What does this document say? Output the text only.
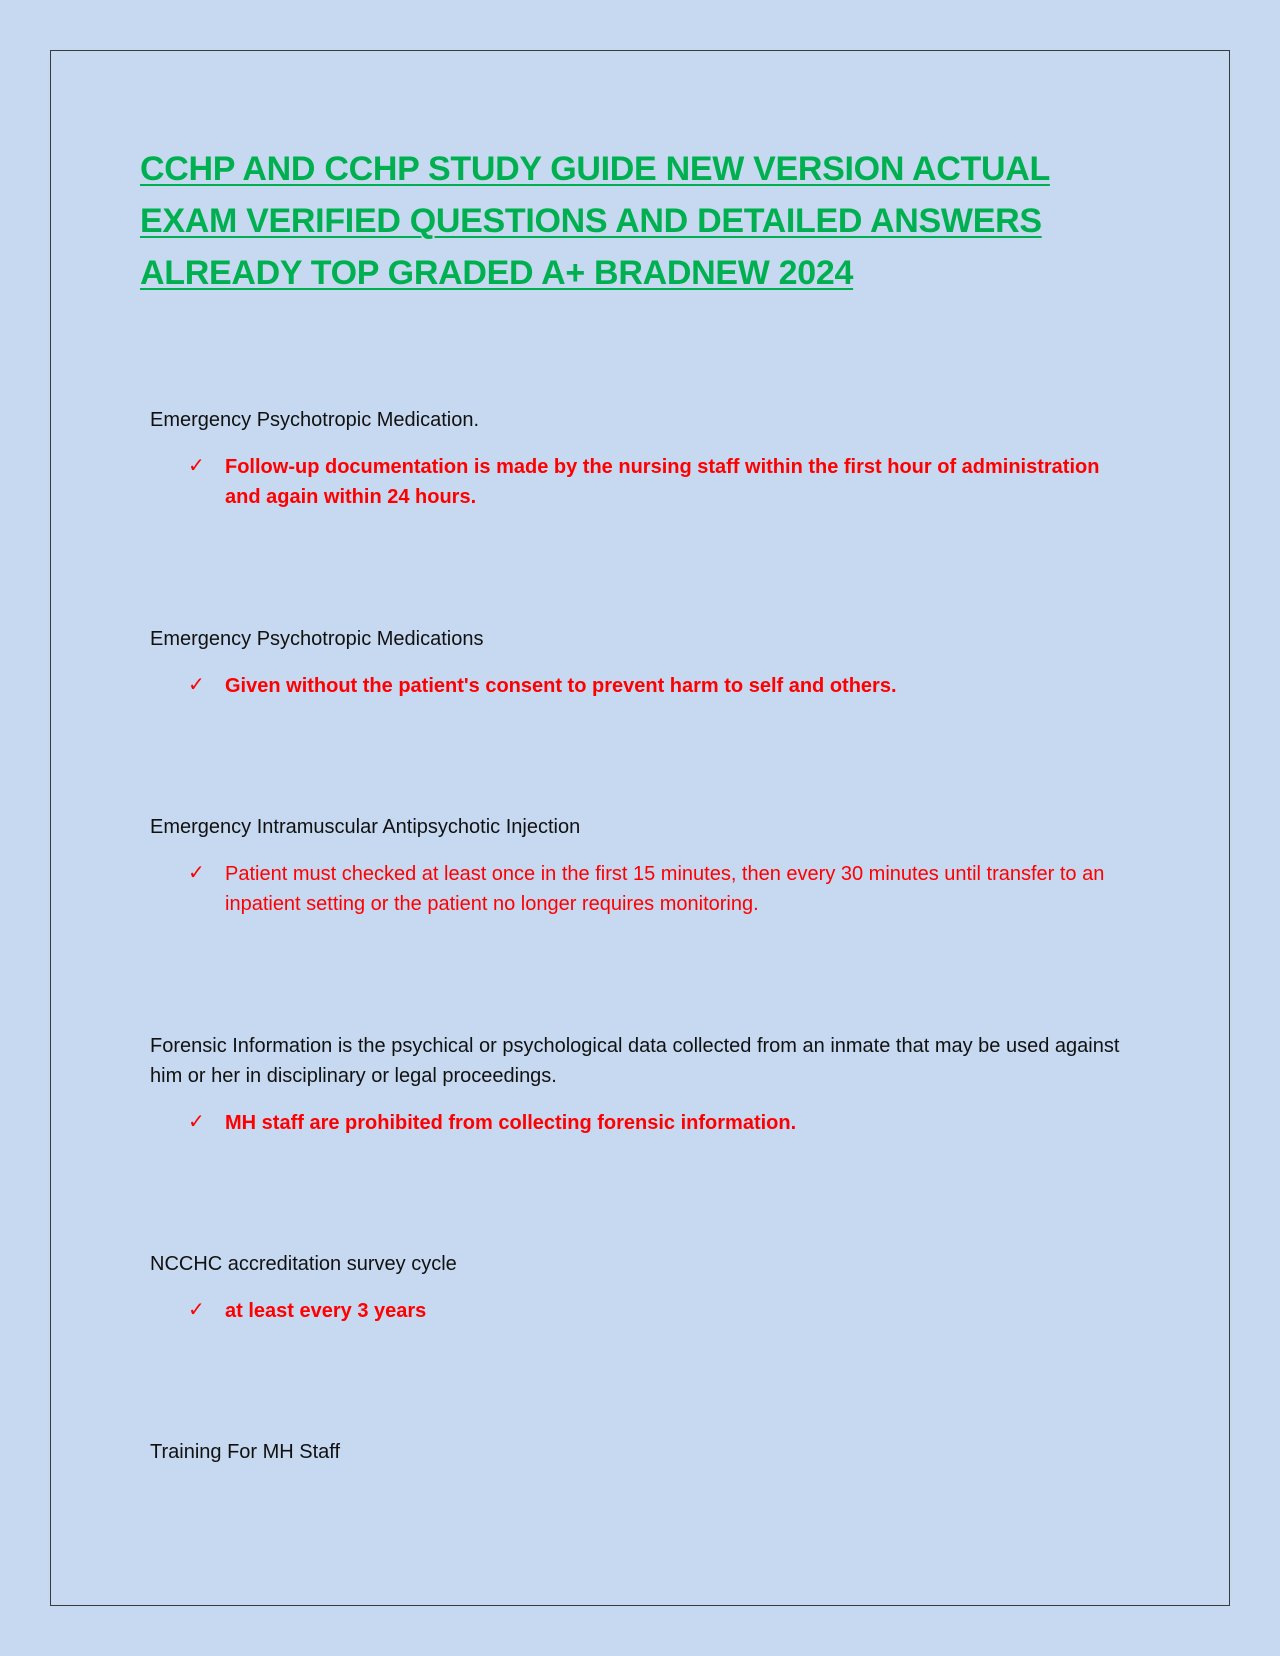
CCHP AND CCHP STUDY GUIDE NEW VERSION ACTUAL EXAM VERIFIED QUESTIONS AND DETAILED ANSWERS ALREADY TOP GRADED A+ BRADNEW 2024

Emergency Psychotropic Medication.

✓ Follow-up documentation is made by the nursing staff within the first hour of administration and again within 24 hours.

Emergency Psychotropic Medications

✓ Given without the patient's consent to prevent harm to self and others.

Emergency Intramuscular Antipsychotic Injection

✓ Patient must checked at least once in the first 15 minutes, then every 30 minutes until transfer to an inpatient setting or the patient no longer requires monitoring.

Forensic Information is the psychical or psychological data collected from an inmate that may be used against him or her in disciplinary or legal proceedings.

✓ MH staff are prohibited from collecting forensic information.

NCCHC accreditation survey cycle

✓ at least every 3 years

Training For MH Staff
